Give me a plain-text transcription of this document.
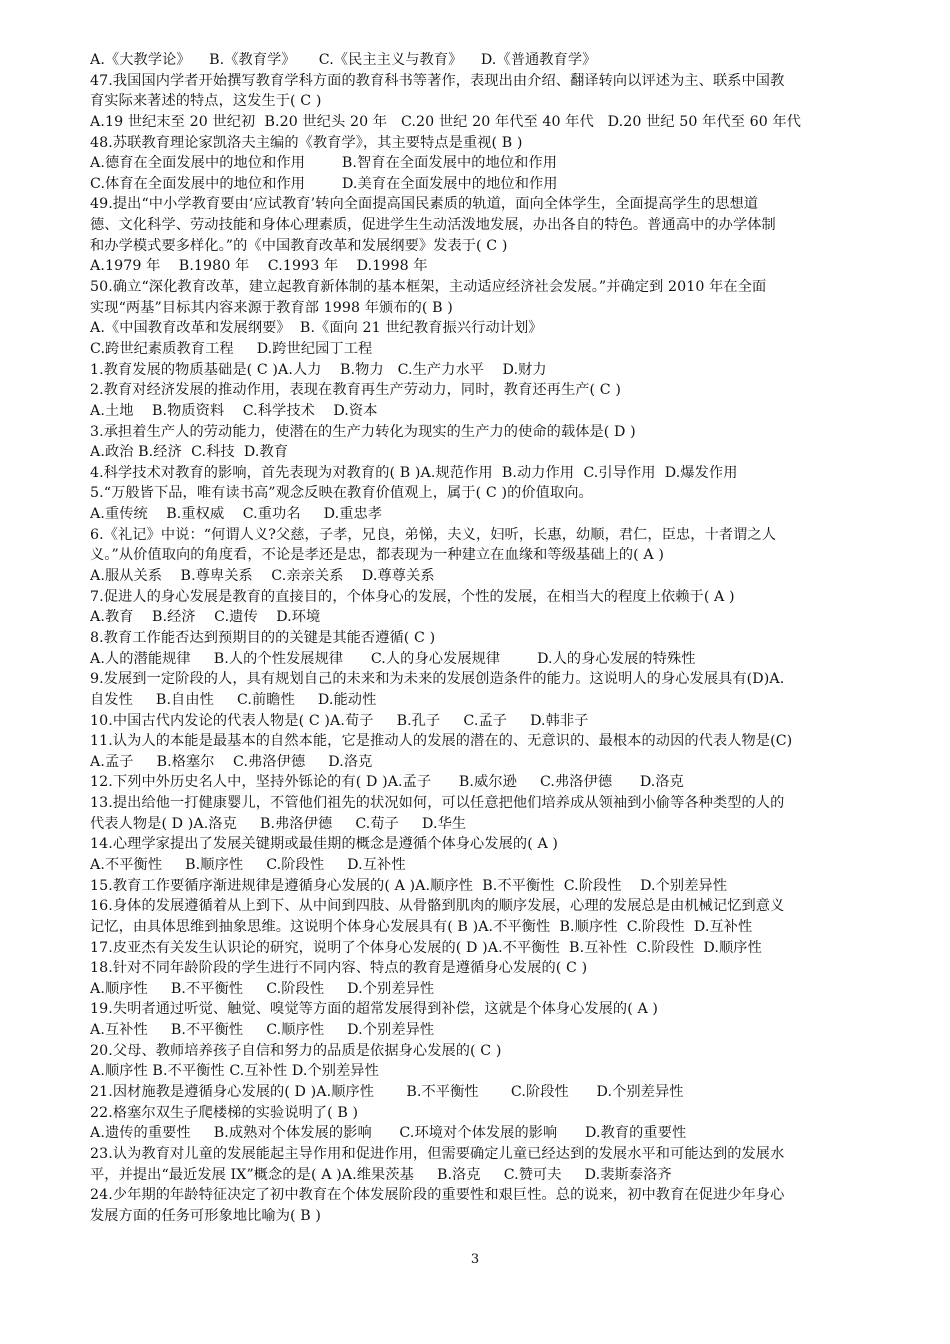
A.《大教学论》    B.《教育学》     C.《民主主义与教育》    D.《普通教育学》
47.我国国内学者开始撰写教育学科方面的教育科书等著作，表现出由介绍、翻译转向以评述为主、联系中国教
育实际来著述的特点，这发生于( C )
A.19 世纪末至 20 世纪初  B.20 世纪头 20 年   C.20 世纪 20 年代至 40 年代   D.20 世纪 50 年代至 60 年代
48.苏联教育理论家凯洛夫主编的《教育学》，其主要特点是重视( B )
A.德育在全面发展中的地位和作用        B.智育在全面发展中的地位和作用
C.体育在全面发展中的地位和作用        D.美育在全面发展中的地位和作用
49.提出“中小学教育要由‘应试教育’转向全面提高国民素质的轨道，面向全体学生，全面提高学生的思想道
德、文化科学、劳动技能和身体心理素质，促进学生生动活泼地发展，办出各自的特色。普通高中的办学体制
和办学模式要多样化。”的《中国教育改革和发展纲要》发表于( C )
A.1979 年    B.1980 年    C.1993 年    D.1998 年
50.确立“深化教育改革，建立起教育新体制的基本框架，主动适应经济社会发展。”并确定到 2010 年在全面
实现“两基”目标其内容来源于教育部 1998 年颁布的( B )
A.《中国教育改革和发展纲要》  B.《面向 21 世纪教育振兴行动计划》
C.跨世纪素质教育工程     D.跨世纪园丁工程
1.教育发展的物质基础是( C )A.人力    B.物力   C.生产力水平    D.财力
2.教育对经济发展的推动作用，表现在教育再生产劳动力，同时，教育还再生产( C )
A.土地    B.物质资料    C.科学技术    D.资本
3.承担着生产人的劳动能力，使潜在的生产力转化为现实的生产力的使命的载体是( D )
A.政治 B.经济  C.科技  D.教育
4.科学技术对教育的影响，首先表现为对教育的( B )A.规范作用  B.动力作用  C.引导作用  D.爆发作用
5.“万般皆下品，唯有读书高”观念反映在教育价值观上，属于( C )的价值取向。
A.重传统    B.重权威    C.重功名     D.重忠孝
6.《礼记》中说：“何谓人义?父慈，子孝，兄良，弟悌，夫义，妇听，长惠，幼顺，君仁，臣忠，十者谓之人
义。”从价值取向的角度看，不论是孝还是忠，都表现为一种建立在血缘和等级基础上的( A )
A.服从关系    B.尊卑关系    C.亲亲关系    D.尊尊关系
7.促进人的身心发展是教育的直接目的，个体身心的发展，个性的发展，在相当大的程度上依赖于( A )
A.教育    B.经济    C.遗传    D.环境
8.教育工作能否达到预期目的的关键是其能否遵循( C )
A.人的潜能规律     B.人的个性发展规律      C.人的身心发展规律        D.人的身心发展的特殊性
9.发展到一定阶段的人，具有规划自己的未来和为未来的发展创造条件的能力。这说明人的身心发展具有(D)A.
自发性     B.自由性     C.前瞻性     D.能动性
10.中国古代内发论的代表人物是( C )A.荀子     B.孔子     C.孟子     D.韩非子
11.认为人的本能是最基本的自然本能，它是推动人的发展的潜在的、无意识的、最根本的动因的代表人物是(C)
A.孟子     B.格塞尔    C.弗洛伊德     D.洛克
12.下列中外历史名人中，坚持外铄论的有( D )A.孟子      B.威尔逊     C.弗洛伊德      D.洛克
13.提出给他一打健康婴儿，不管他们祖先的状况如何，可以任意把他们培养成从领袖到小偷等各种类型的人的
代表人物是( D )A.洛克     B.弗洛伊德     C.荀子     D.华生
14.心理学家提出了发展关键期或最佳期的概念是遵循个体身心发展的( A )
A.不平衡性     B.顺序性     C.阶段性     D.互补性
15.教育工作要循序渐进规律是遵循身心发展的( A )A.顺序性  B.不平衡性  C.阶段性    D.个别差异性
16.身体的发展遵循着从上到下、从中间到四肢、从骨骼到肌肉的顺序发展，心理的发展总是由机械记忆到意义
记忆，由具体思维到抽象思维。这说明个体身心发展具有( B )A.不平衡性  B.顺序性  C.阶段性  D.互补性
17.皮亚杰有关发生认识论的研究，说明了个体身心发展的( D )A.不平衡性  B.互补性  C.阶段性  D.顺序性
18.针对不同年龄阶段的学生进行不同内容、特点的教育是遵循身心发展的( C )
A.顺序性     B.不平衡性     C.阶段性     D.个别差异性
19.失明者通过听觉、触觉、嗅觉等方面的超常发展得到补偿，这就是个体身心发展的( A )
A.互补性     B.不平衡性     C.顺序性     D.个别差异性
20.父母、教师培养孩子自信和努力的品质是依据身心发展的( C )
A.顺序性 B.不平衡性 C.互补性 D.个别差异性
21.因材施教是遵循身心发展的( D )A.顺序性       B.不平衡性       C.阶段性      D.个别差异性
22.格塞尔双生子爬楼梯的实验说明了( B )
A.遗传的重要性     B.成熟对个体发展的影响      C.环境对个体发展的影响      D.教育的重要性
23.认为教育对儿童的发展能起主导作用和促进作用，但需要确定儿童已经达到的发展水平和可能达到的发展水
平，并提出“最近发展 IX”概念的是( A )A.维果茨基     B.洛克     C.赞可夫     D.裴斯泰洛齐
24.少年期的年龄特征决定了初中教育在个体发展阶段的重要性和艰巨性。总的说来，初中教育在促进少年身心
发展方面的任务可形象地比喻为( B )
3
